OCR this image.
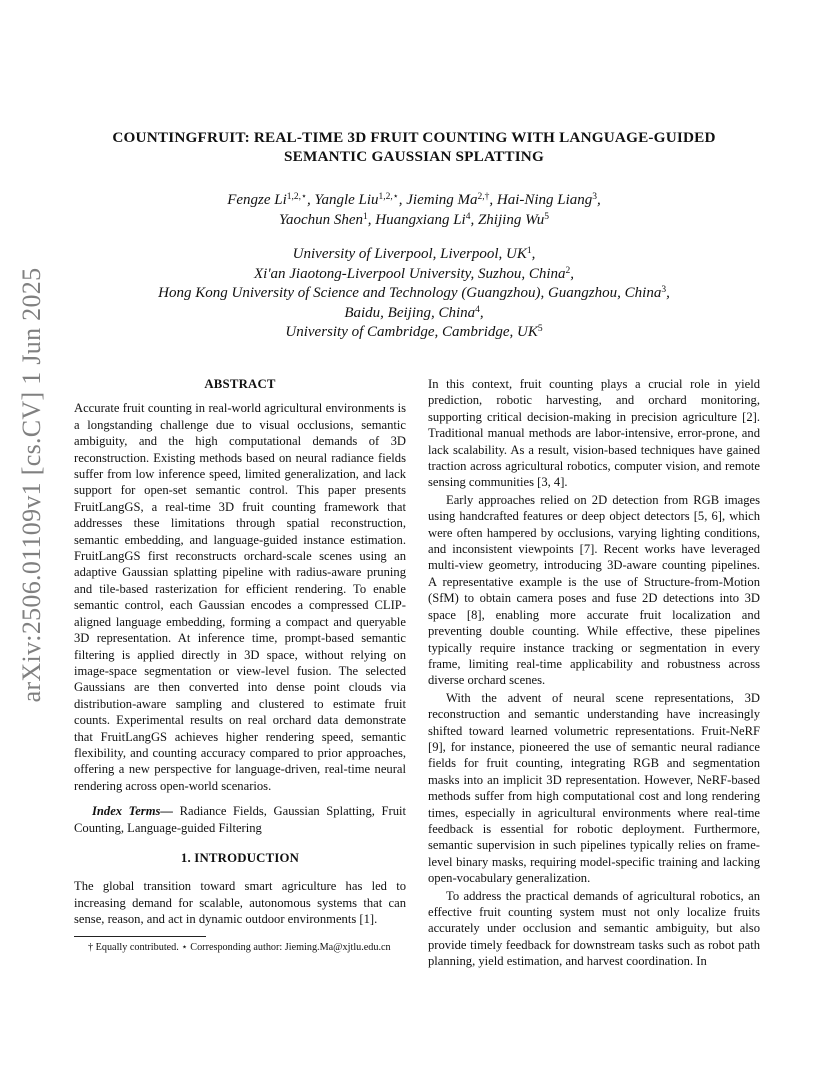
arXiv:2506.01109v1 [cs.CV] 1 Jun 2025
COUNTINGFRUIT: REAL-TIME 3D FRUIT COUNTING WITH LANGUAGE-GUIDED
SEMANTIC GAUSSIAN SPLATTING
Fengze $Li^{1,2,⋆}$, Yangle Liu$^{1,2,⋆}$, Jieming $Ma^{2,\dagger}$, Hai-Ning Liang$^3$,
Yaochun Shen$^1$, Huangxiang Li$^4$, Zhijing Wu$^5$
University of Liverpool, Liverpool, $UK^1$,
Xi'an Jiaotong-Liverpool University, Suzhou, China$^2$,
Hong Kong University of Science and Technology (Guangzhou), Guangzhou, China$^3$,
Baidu, Beijing, China$^4$,
University of Cambridge, Cambridge, $UK^5$
ABSTRACT

Accurate fruit counting in real-world agricultural environments is a longstanding challenge due to visual occlusions, semantic ambiguity, and the high computational demands of 3D reconstruction. Existing methods based on neural radiance fields suffer from low inference speed, limited generalization, and lack support for open-set semantic control. This paper presents FruitLangGS, a real-time 3D fruit counting framework that addresses these limitations through spatial reconstruction, semantic embedding, and language-guided instance estimation. FruitLangGS first reconstructs orchard-scale scenes using an adaptive Gaussian splatting pipeline with radius-aware pruning and tile-based rasterization for efficient rendering. To enable semantic control, each Gaussian encodes a compressed CLIP-aligned language embedding, forming a compact and queryable 3D representation. At inference time, prompt-based semantic filtering is applied directly in 3D space, without relying on image-space segmentation or view-level fusion. The selected Gaussians are then converted into dense point clouds via distribution-aware sampling and clustered to estimate fruit counts. Experimental results on real orchard data demonstrate that FruitLangGS achieves higher rendering speed, semantic flexibility, and counting accuracy compared to prior approaches, offering a new perspective for language-driven, real-time neural rendering across open-world scenarios.

Index Terms— Radiance Fields, Gaussian Splatting, Fruit Counting, Language-guided Filtering

1. INTRODUCTION

The global transition toward smart agriculture has led to increasing demand for scalable, autonomous systems that can sense, reason, and act in dynamic outdoor environments [1].

† Equally contributed. ⋆ Corresponding author: Jieming.Ma@xjtlu.edu.cn

In this context, fruit counting plays a crucial role in yield prediction, robotic harvesting, and orchard monitoring, supporting critical decision-making in precision agriculture [2]. Traditional manual methods are labor-intensive, error-prone, and lack scalability. As a result, vision-based techniques have gained traction across agricultural robotics, computer vision, and remote sensing communities [3, 4].

Early approaches relied on 2D detection from RGB images using handcrafted features or deep object detectors [5, 6], which were often hampered by occlusions, varying lighting conditions, and inconsistent viewpoints [7]. Recent works have leveraged multi-view geometry, introducing 3D-aware counting pipelines. A representative example is the use of Structure-from-Motion (SfM) to obtain camera poses and fuse 2D detections into 3D space [8], enabling more accurate fruit localization and preventing double counting. While effective, these pipelines typically require instance tracking or segmentation in every frame, limiting real-time applicability and robustness across diverse orchard scenes.

With the advent of neural scene representations, 3D reconstruction and semantic understanding have increasingly shifted toward learned volumetric representations. Fruit-NeRF [9], for instance, pioneered the use of semantic neural radiance fields for fruit counting, integrating RGB and segmentation masks into an implicit 3D representation. However, NeRF-based methods suffer from high computational cost and long rendering times, especially in agricultural environments where real-time feedback is essential for robotic deployment. Furthermore, semantic supervision in such pipelines typically relies on frame-level binary masks, requiring model-specific training and lacking open-vocabulary generalization.

To address the practical demands of agricultural robotics, an effective fruit counting system must not only localize fruits accurately under occlusion and semantic ambiguity, but also provide timely feedback for downstream tasks such as robot path planning, yield estimation, and harvest coordination. In
